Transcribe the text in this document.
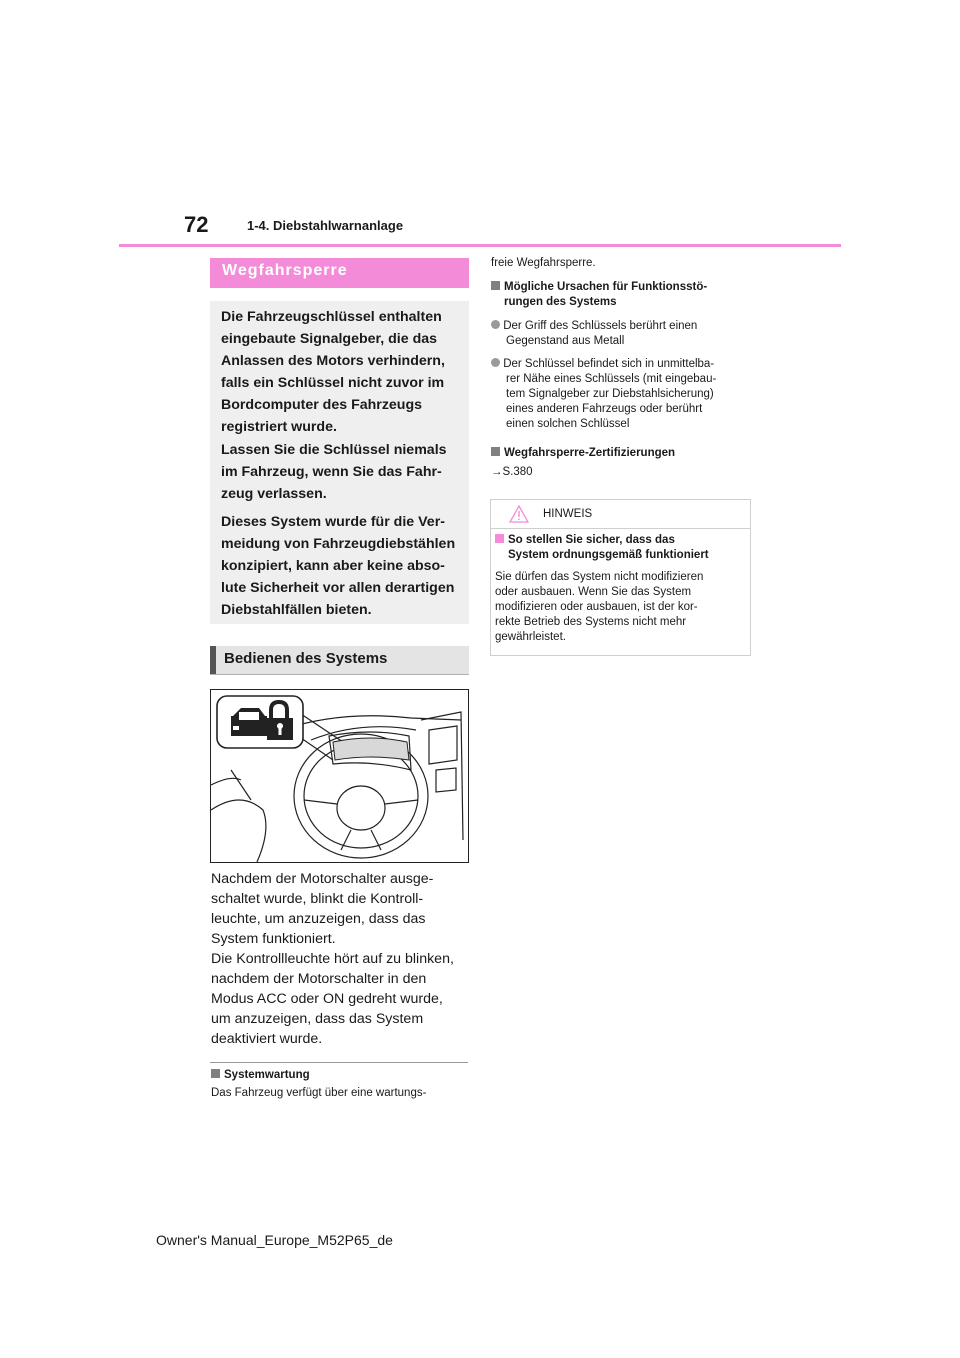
72	1-4. Diebstahlwarnanlage
Wegfahrsperre

Die Fahrzeugschlüssel enthalten
eingebaute Signalgeber, die das
Anlassen des Motors verhindern,
falls ein Schlüssel nicht zuvor im
Bordcomputer des Fahrzeugs
registriert wurde.

Lassen Sie die Schlüssel niemals
im Fahrzeug, wenn Sie das Fahr-
zeug verlassen.

Dieses System wurde für die Ver-
meidung von Fahrzeugdiebstählen
konzipiert, kann aber keine abso-
lute Sicherheit vor allen derartigen
Diebstahlfällen bieten.

Bedienen des Systems
Nachdem der Motorschalter ausge-
schaltet wurde, blinkt die Kontroll-
leuchte, um anzuzeigen, dass das
System funktioniert.
Die Kontrollleuchte hört auf zu blinken,
nachdem der Motorschalter in den
Modus ACC oder ON gedreht wurde,
um anzuzeigen, dass das System
deaktiviert wurde.
Systemwartung
Das Fahrzeug verfügt über eine wartungs-
freie Wegfahrsperre.
Mögliche Ursachen für Funktionsstö-
rungen des Systems
Der Griff des Schlüssels berührt einen
Gegenstand aus Metall
Der Schlüssel befindet sich in unmittelba-
rer Nähe eines Schlüssels (mit eingebau-
tem Signalgeber zur Diebstahlsicherung)
eines anderen Fahrzeugs oder berührt
einen solchen Schlüssel
Wegfahrsperre-Zertifizierungen
→S.380
HINWEIS
So stellen Sie sicher, dass das
System ordnungsgemäß funktioniert
Sie dürfen das System nicht modifizieren
oder ausbauen. Wenn Sie das System
modifizieren oder ausbauen, ist der kor-
rekte Betrieb des Systems nicht mehr
gewährleistet.
Owner's Manual_Europe_M52P65_de
